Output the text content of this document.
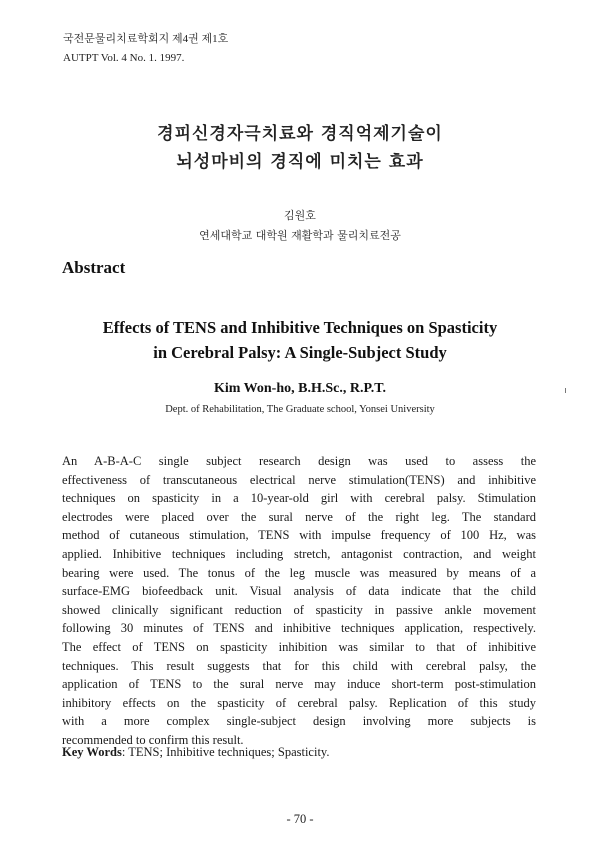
국전문물리치료학회지 제4권 제1호
AUTPT Vol. 4 No. 1. 1997.
경피신경자극치료와 경직억제기술이
뇌성마비의 경직에 미치는 효과
김원호
연세대학교 대학원 재활학과 물리치료전공
Abstract
Effects of TENS and Inhibitive Techniques on Spasticity
in Cerebral Palsy: A Single-Subject Study
Kim Won-ho, B.H.Sc., R.P.T.
Dept. of Rehabilitation, The Graduate school, Yonsei University
An A-B-A-C single subject research design was used to assess the
effectiveness of transcutaneous electrical nerve stimulation(TENS) and inhibitive
techniques on spasticity in a 10-year-old girl with cerebral palsy. Stimulation
electrodes were placed over the sural nerve of the right leg. The standard
method of cutaneous stimulation, TENS with impulse frequency of 100 Hz, was
applied. Inhibitive techniques including stretch, antagonist contraction, and weight
bearing were used. The tonus of the leg muscle was measured by means of a
surface-EMG biofeedback unit. Visual analysis of data indicate that the child
showed clinically significant reduction of spasticity in passive ankle movement
following 30 minutes of TENS and inhibitive techniques application, respectively.
The effect of TENS on spasticity inhibition was similar to that of inhibitive
techniques. This result suggests that for this child with cerebral palsy, the
application of TENS to the sural nerve may induce short-term post-stimulation
inhibitory effects on the spasticity of cerebral palsy. Replication of this study
with a more complex single-subject design involving more subjects is
recommended to confirm this result.
Key Words: TENS; Inhibitive techniques; Spasticity.
- 70 -
